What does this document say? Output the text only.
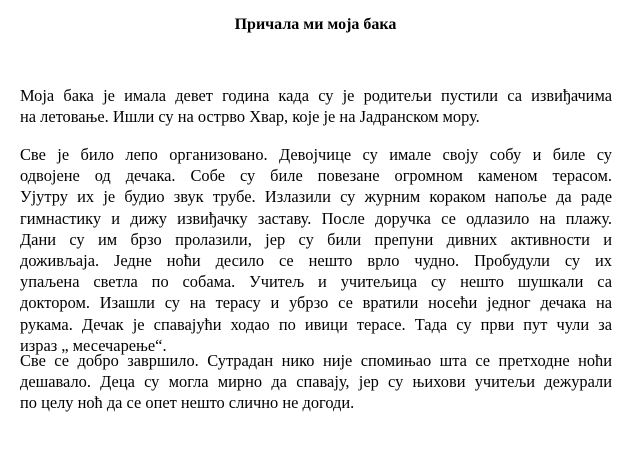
Причала ми моја бака
Моја бака је имала девет година када су је родитељи пустили са извиђачима
на летовање. Ишли су на острво Хвар, које је на Јадранском мору.
Све је било лепо организовано. Девојчице су имале своју собу и биле су
одвојене од дечака. Собе су биле повезане огромном каменом терасом.
Ујутру их је будио звук трубе. Излазили су журним кораком напоље да раде
гимнастику и дижу извиђачку заставу. После доручка се одлазило на плажу.
Дани су им брзо пролазили, јер су били препуни дивних активности и
доживљаја. Једне ноћи десило се нешто врло чудно. Пробудули су их
упаљена светла по собама. Учитељ и учитељица су нешто шушкали са
доктором. Изашли су на терасу и убрзо се вратили носећи једног дечака на
рукама. Дечак је спавајући ходао по ивици терасе. Тада су први пут чули за
израз „ месечарење“.
Све се добро завршило. Сутрадан нико није спомињао шта се претходне ноћи
дешавало. Деца су могла мирно да спавају, јер су њихови учитељи дежурали
по целу ноћ да се опет нешто слично не догоди.
